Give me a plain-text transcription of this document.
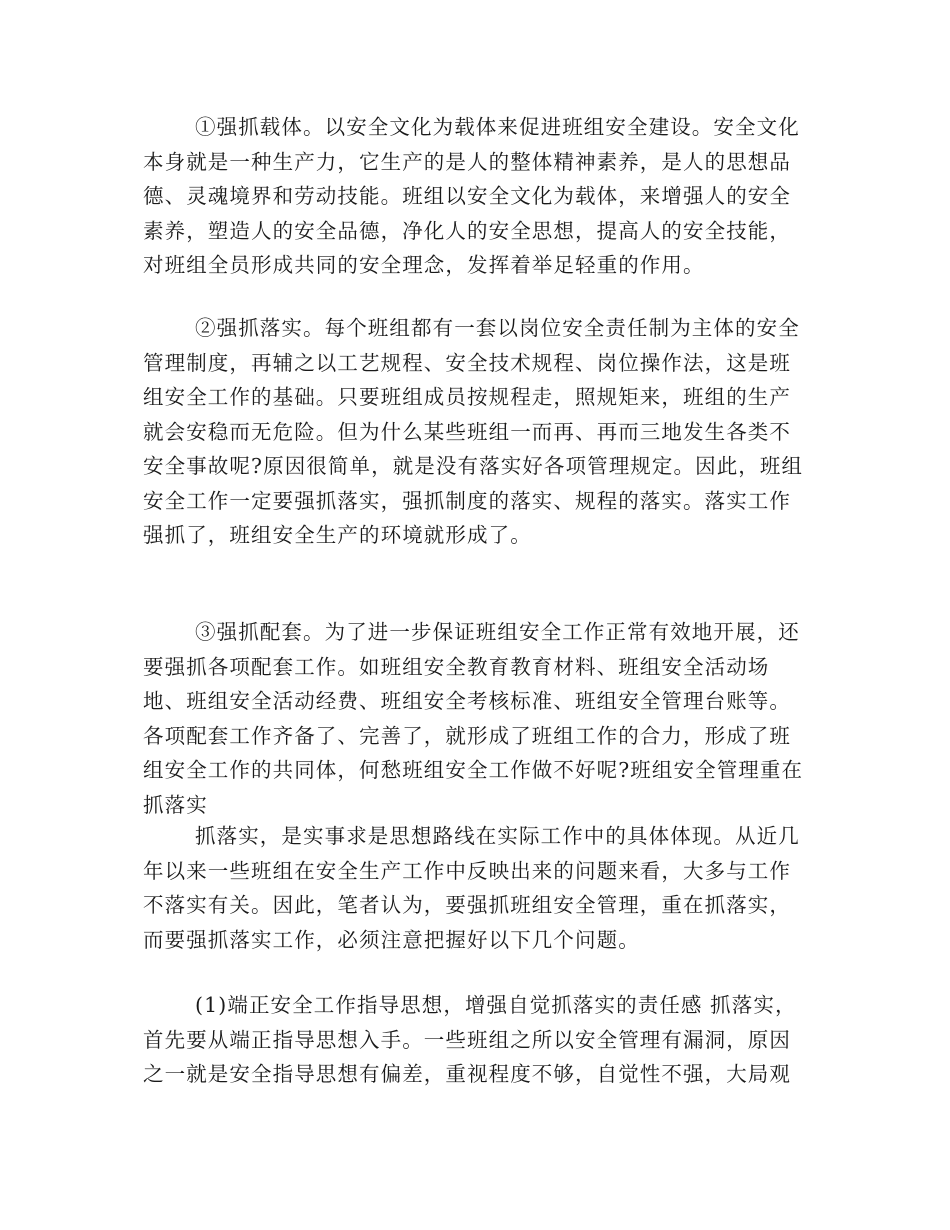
①强抓载体。以安全文化为载体来促进班组安全建设。安全文化
本身就是一种生产力，它生产的是人的整体精神素养，是人的思想品
德、灵魂境界和劳动技能。班组以安全文化为载体，来增强人的安全
素养，塑造人的安全品德，净化人的安全思想，提高人的安全技能，
对班组全员形成共同的安全理念，发挥着举足轻重的作用。

②强抓落实。每个班组都有一套以岗位安全责任制为主体的安全
管理制度，再辅之以工艺规程、安全技术规程、岗位操作法，这是班
组安全工作的基础。只要班组成员按规程走，照规矩来，班组的生产
就会安稳而无危险。但为什么某些班组一而再、再而三地发生各类不
安全事故呢?原因很简单，就是没有落实好各项管理规定。因此，班组
安全工作一定要强抓落实，强抓制度的落实、规程的落实。落实工作
强抓了，班组安全生产的环境就形成了。

③强抓配套。为了进一步保证班组安全工作正常有效地开展，还
要强抓各项配套工作。如班组安全教育教育材料、班组安全活动场
地、班组安全活动经费、班组安全考核标准、班组安全管理台账等。
各项配套工作齐备了、完善了，就形成了班组工作的合力，形成了班
组安全工作的共同体，何愁班组安全工作做不好呢?班组安全管理重在
抓落实

抓落实，是实事求是思想路线在实际工作中的具体体现。从近几
年以来一些班组在安全生产工作中反映出来的问题来看，大多与工作
不落实有关。因此，笔者认为，要强抓班组安全管理，重在抓落实，
而要强抓落实工作，必须注意把握好以下几个问题。

(1)端正安全工作指导思想，增强自觉抓落实的责任感 抓落实，
首先要从端正指导思想入手。一些班组之所以安全管理有漏洞，原因
之一就是安全指导思想有偏差，重视程度不够，自觉性不强，大局观
